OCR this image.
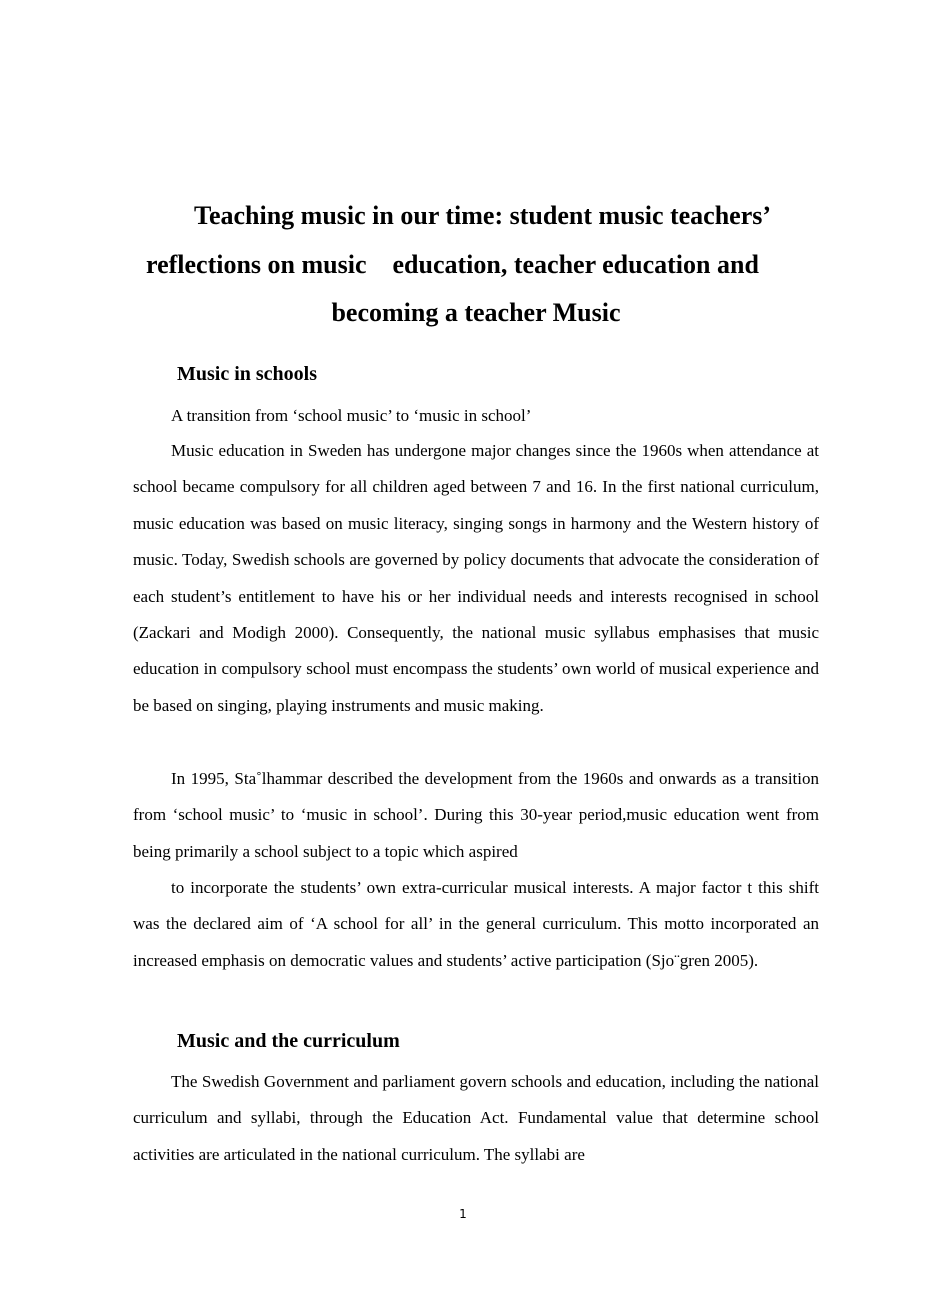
Teaching music in our time: student music teachers’
reflections on music    education, teacher education and
becoming a teacher Music
Music in schools
A transition from ‘school music’ to ‘music in school’

Music education in Sweden has undergone major changes since the 1960s when attendance at school became compulsory for all children aged between 7 and 16. In the first national curriculum, music education was based on music literacy, singing songs in harmony and the Western history of music. Today, Swedish schools are governed by policy documents that advocate the consideration of each student’s entitlement to have his or her individual needs and interests recognised in school (Zackari and Modigh 2000). Consequently, the national music syllabus emphasises that music education in compulsory school must encompass the students’ own world of musical experience and be based on singing, playing instruments and music making.

In 1995, Sta˚lhammar described the development from the 1960s and onwards as a transition from ‘school music’ to ‘music in school’. During this 30-year period,music education went from being primarily a school subject to a topic which aspired

to incorporate the students’ own extra-curricular musical interests. A major factor t this shift was the declared aim of ‘A school for all’ in the general curriculum. This motto incorporated an increased emphasis on democratic values and students’ active participation (Sjo¨gren 2005).

Music and the curriculum

The Swedish Government and parliament govern schools and education, including the national curriculum and syllabi, through the Education Act. Fundamental value that determine school activities are articulated in the national curriculum. The syllabi are

1
